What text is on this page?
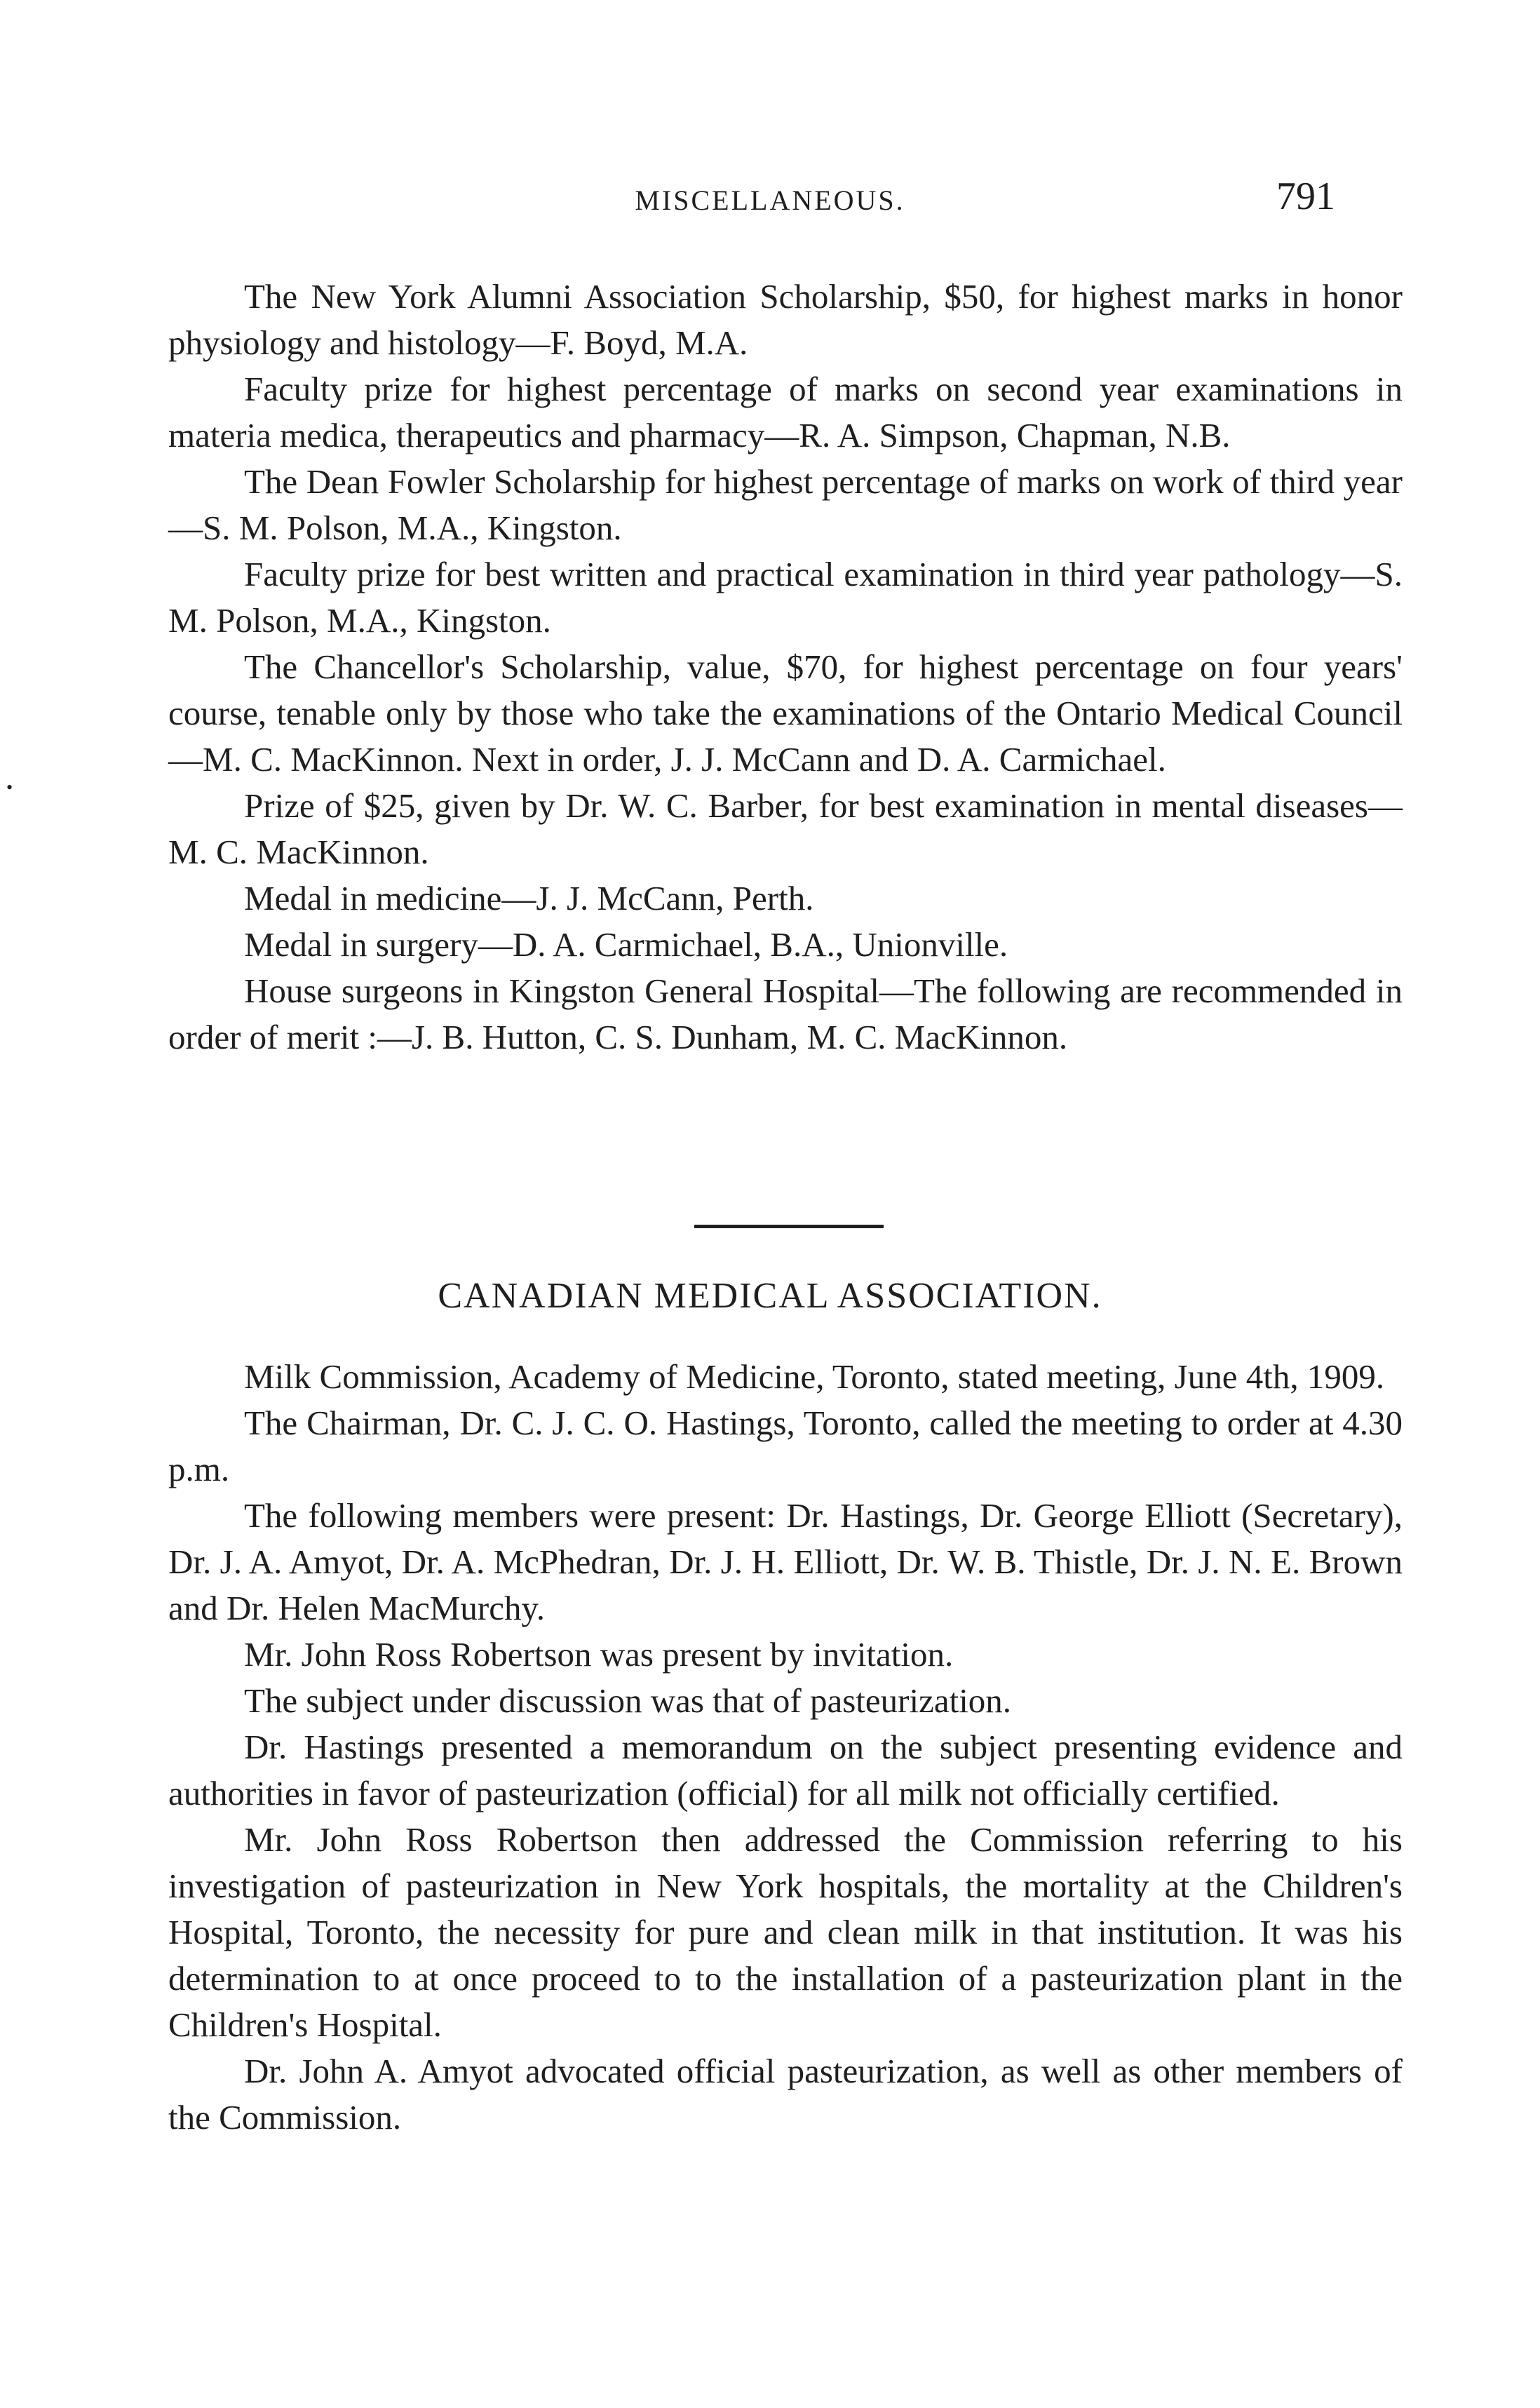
MISCELLANEOUS.	791
•

The New York Alumni Association Scholarship, $50, for highest marks in honor physiology and histology—F. Boyd, M.A.

Faculty prize for highest percentage of marks on second year examinations in materia medica, therapeutics and pharmacy—R. A. Simpson, Chapman, N.B.

The Dean Fowler Scholarship for highest percentage of marks on work of third year—S. M. Polson, M.A., Kingston.

Faculty prize for best written and practical examination in third year pathology—S. M. Polson, M.A., Kingston.

The Chancellor's Scholarship, value, $70, for highest percentage on four years' course, tenable only by those who take the examinations of the Ontario Medical Council—M. C. MacKinnon. Next in order, J. J. McCann and D. A. Carmichael.

Prize of $25, given by Dr. W. C. Barber, for best examination in mental diseases—M. C. MacKinnon.

Medal in medicine—J. J. McCann, Perth.

Medal in surgery—D. A. Carmichael, B.A., Unionville.

House surgeons in Kingston General Hospital—The following are recommended in order of merit :—J. B. Hutton, C. S. Dunham, M. C. MacKinnon.

CANADIAN MEDICAL ASSOCIATION.

Milk Commission, Academy of Medicine, Toronto, stated meeting, June 4th, 1909.

The Chairman, Dr. C. J. C. O. Hastings, Toronto, called the meeting to order at 4.30 p.m.

The following members were present: Dr. Hastings, Dr. George Elliott (Secretary), Dr. J. A. Amyot, Dr. A. McPhedran, Dr. J. H. Elliott, Dr. W. B. Thistle, Dr. J. N. E. Brown and Dr. Helen MacMurchy.

Mr. John Ross Robertson was present by invitation.

The subject under discussion was that of pasteurization.

Dr. Hastings presented a memorandum on the subject presenting evidence and authorities in favor of pasteurization (official) for all milk not officially certified.

Mr. John Ross Robertson then addressed the Commission referring to his investigation of pasteurization in New York hospitals, the mortality at the Children's Hospital, Toronto, the necessity for pure and clean milk in that institution. It was his determination to at once proceed to to the installation of a pasteurization plant in the Children's Hospital.

Dr. John A. Amyot advocated official pasteurization, as well as other members of the Commission.
